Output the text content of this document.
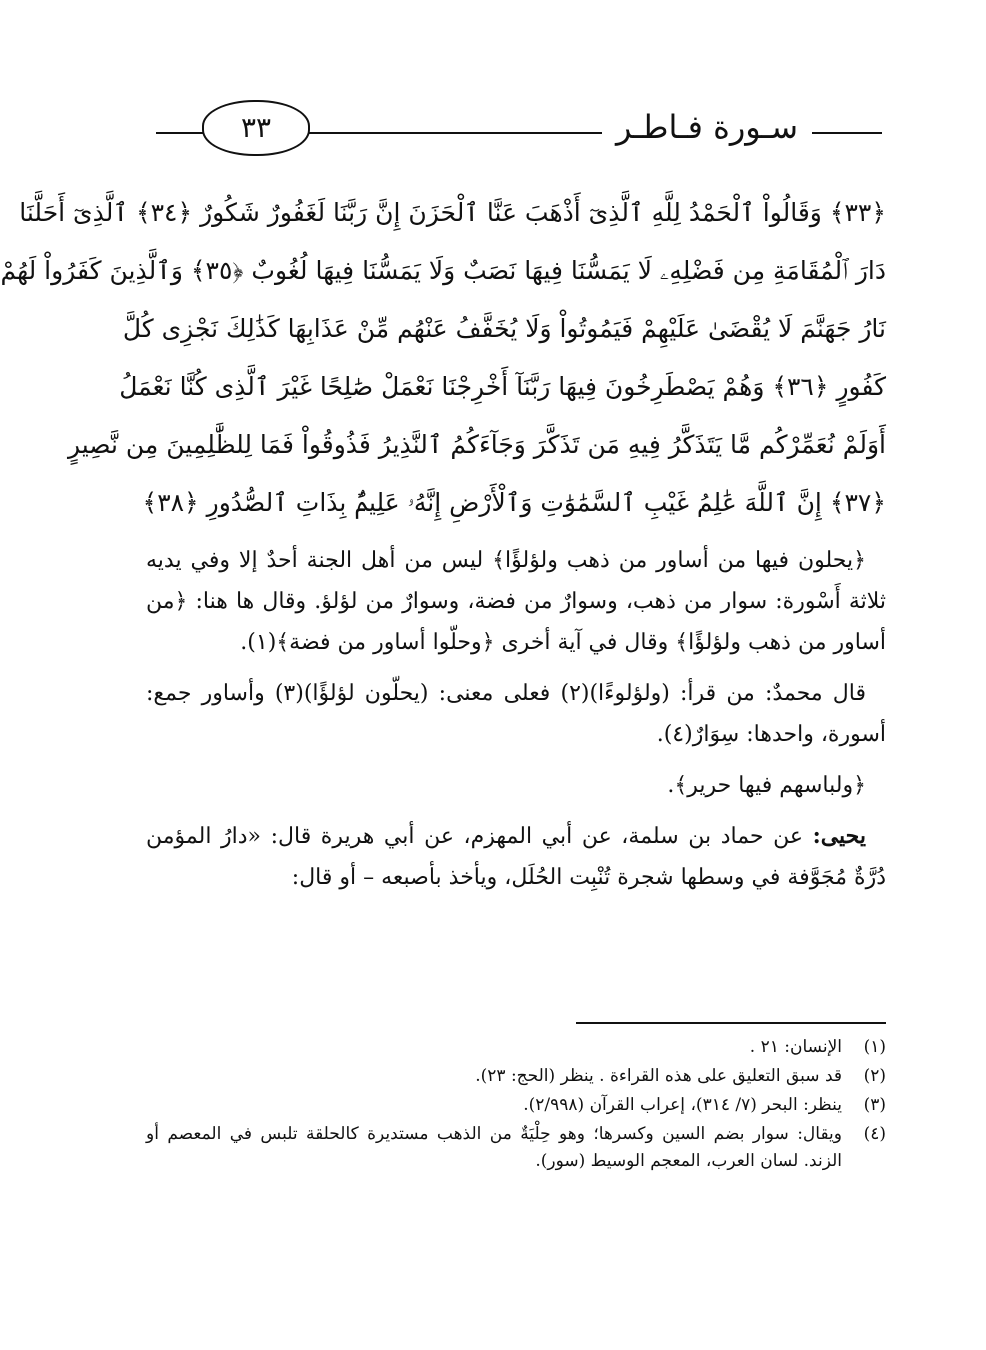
سـورة فـاطـر
٣٣
﴿٣٣﴾ وَقَالُواْ ٱلْحَمْدُ لِلَّهِ ٱلَّذِىٓ أَذْهَبَ عَنَّا ٱلْحَزَنَ إِنَّ رَبَّنَا لَغَفُورٌ شَكُورٌ ﴿٣٤﴾ ٱلَّذِىٓ أَحَلَّنَا
دَارَ ٱلْمُقَامَةِ مِن فَضْلِهِۦ لَا يَمَسُّنَا فِيهَا نَصَبٌ وَلَا يَمَسُّنَا فِيهَا لُغُوبٌ ﴿٣٥﴾ وَٱلَّذِينَ كَفَرُواْ لَهُمْ
نَارُ جَهَنَّمَ لَا يُقْضَىٰ عَلَيْهِمْ فَيَمُوتُواْ وَلَا يُخَفَّفُ عَنْهُم مِّنْ عَذَابِهَا كَذَٰلِكَ نَجْزِى كُلَّ
كَفُورٍ ﴿٣٦﴾ وَهُمْ يَصْطَرِخُونَ فِيهَا رَبَّنَآ أَخْرِجْنَا نَعْمَلْ صَٰلِحًا غَيْرَ ٱلَّذِى كُنَّا نَعْمَلُ
أَوَلَمْ نُعَمِّرْكُم مَّا يَتَذَكَّرُ فِيهِ مَن تَذَكَّرَ وَجَآءَكُمُ ٱلنَّذِيرُ فَذُوقُواْ فَمَا لِلظَّٰلِمِينَ مِن نَّصِيرٍ
﴿٣٧﴾ إِنَّ ٱللَّهَ عَٰلِمُ غَيْبِ ٱلسَّمَٰوَٰتِ وَٱلْأَرْضِ إِنَّهُۥ عَلِيمٌۢ بِذَاتِ ٱلصُّدُورِ ﴿٣٨﴾

﴿يحلون فيها من أساور من ذهب ولؤلؤًا﴾ ليس من أهل الجنة أحدٌ إلا وفي يديه ثلاثة أَسْورة: سوار من ذهب، وسوارٌ من فضة، وسوارٌ من لؤلؤ. وقال ها هنا: ﴿من أساور من ذهب ولؤلؤًا﴾ وقال في آية أخرى ﴿وحلّوا أساور من فضة﴾(١).

قال محمدٌ: من قرأ: (ولؤلوءًا)(٢) فعلى معنى: (يحلّون لؤلؤًا)(٣) وأساور جمع: أسورة، واحدها: سِوَارٌ(٤).

﴿ولباسهم فيها حرير﴾.

يحيى: عن حماد بن سلمة، عن أبي المهزم، عن أبي هريرة قال: «دارُ المؤمن دُرَّةٌ مُجَوَّفة في وسطها شجرة تُنْبِت الحُلَل، ويأخذ بأصبعه – أو قال:

(١)
الإنسان: ٢١ .
(٢)
قد سبق التعليق على هذه القراءة . ينظر (الحج: ٢٣).
(٣)
ينظر: البحر (٧/ ٣١٤)، إعراب القرآن (٢/٩٩٨).
(٤)
ويقال: سوار بضم السين وكسرها؛ وهو حِلْيَةٌ من الذهب مستديرة كالحلقة تلبس في المعصم أو الزند. لسان العرب، المعجم الوسيط (سور).
